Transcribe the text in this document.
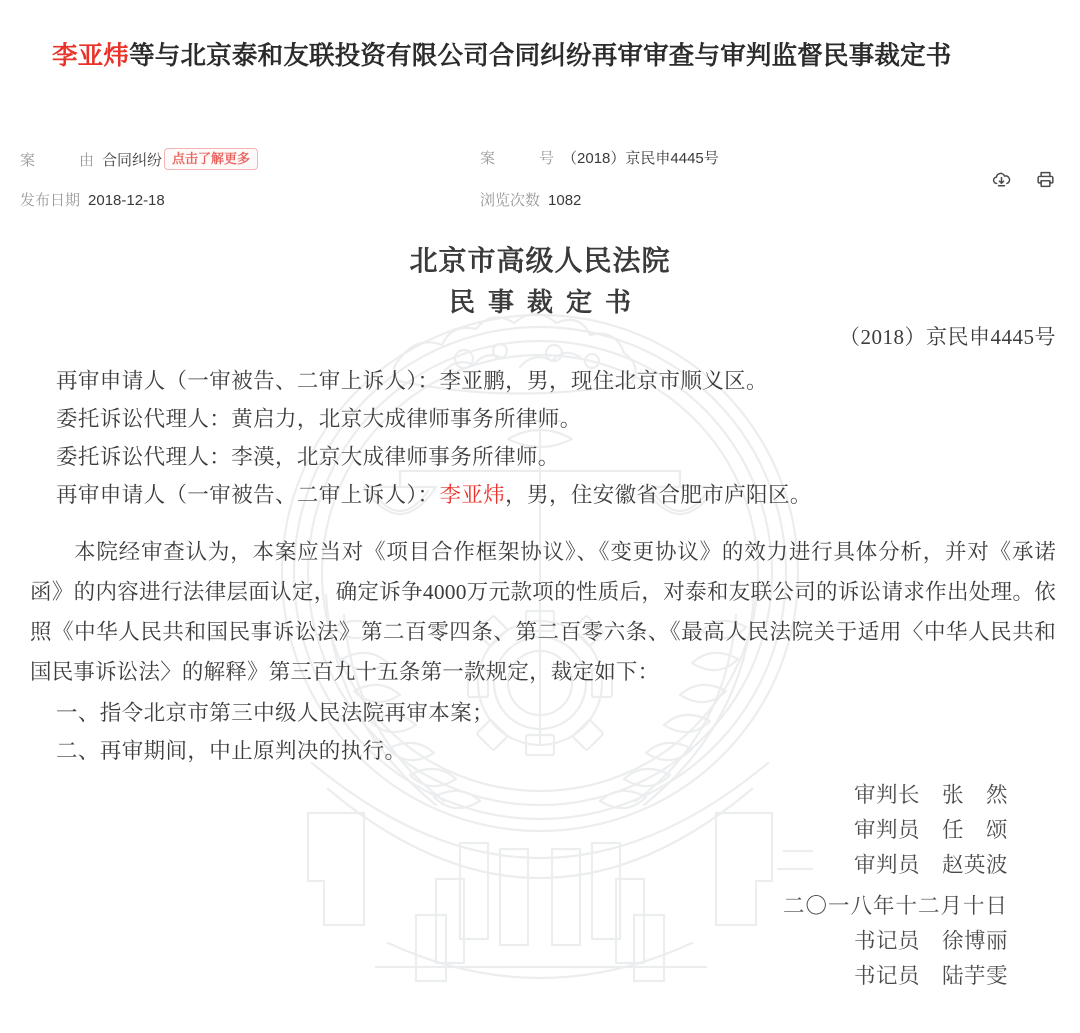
李亚炜等与北京泰和友联投资有限公司合同纠纷再审审查与审判监督民事裁定书
案	由 合同纠纷 点击了解更多
发布日期 2018-12-18
案	号 （2018）京民申4445号
浏览次数 1082
北京市高级人民法院
民事裁定书
（2018）京民申4445号
再审申请人（一审被告、二审上诉人）：李亚鹏，男，现住北京市顺义区。
委托诉讼代理人：黄启力，北京大成律师事务所律师。
委托诉讼代理人：李漠，北京大成律师事务所律师。
再审申请人（一审被告、二审上诉人）：李亚炜，男，住安徽省合肥市庐阳区。
本院经审查认为，本案应当对《项目合作框架协议》、《变更协议》的效力进行具体分析，并对《承诺函》的内容进行法律层面认定，确定诉争4000万元款项的性质后，对泰和友联公司的诉讼请求作出处理。依照《中华人民共和国民事诉讼法》第二百零四条、第二百零六条、《最高人民法院关于适用〈中华人民共和国民事诉讼法〉的解释》第三百九十五条第一款规定，裁定如下：
一、指令北京市第三中级人民法院再审本案；
二、再审期间，中止原判决的执行。
审判长 张　然
审判员 任　颂
审判员 赵英波
二〇一八年十二月十日
书记员 徐博丽
书记员 陆芋雯
